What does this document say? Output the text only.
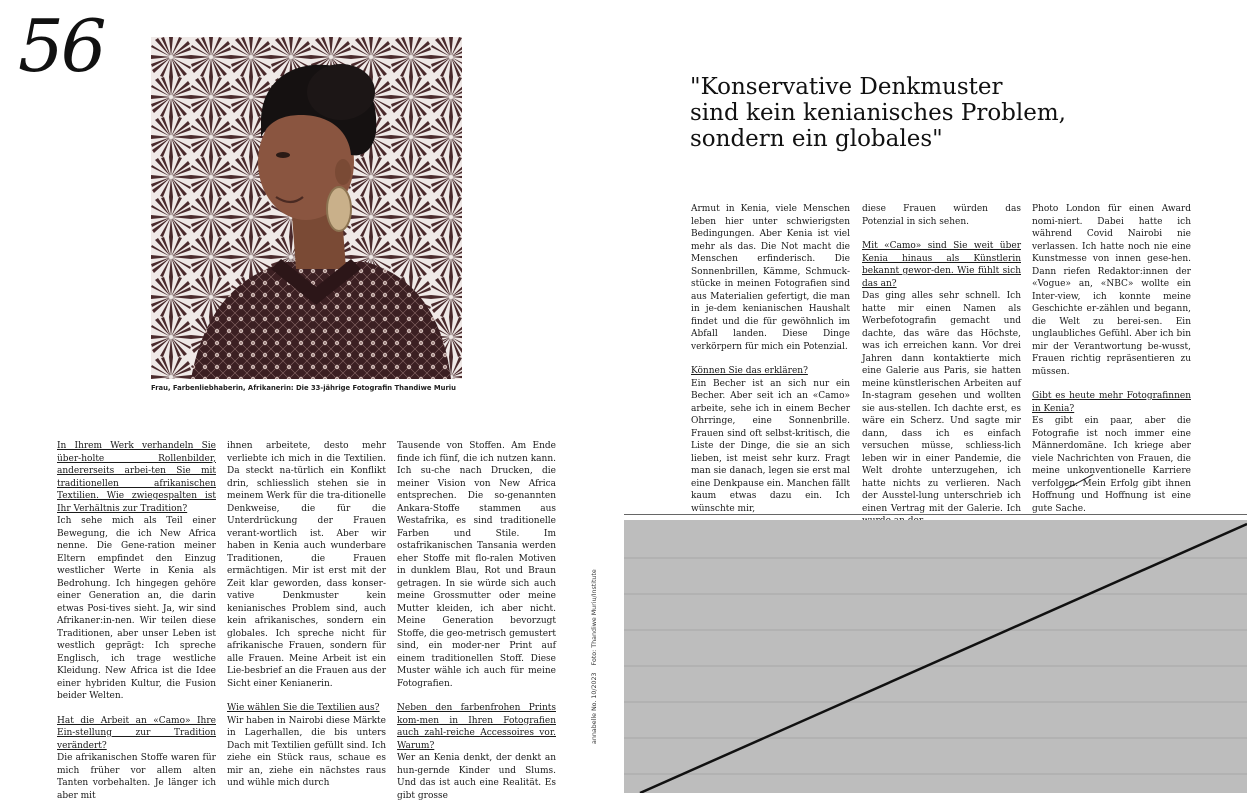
56
Frau, Farbenliebhaberin, Afrikanerin: Die 33-jährige Fotografin Thandiwe Muriu

In Ihrem Werk verhandeln Sie über-holte Rollenbilder, andererseits arbei-ten Sie mit traditionellen afrikanischen Textilien. Wie zwiegespalten ist Ihr Verhältnis zur Tradition?

Ich sehe mich als Teil einer Bewegung, die ich New Africa nenne. Die Gene-ration meiner Eltern empfindet den Einzug westlicher Werte in Kenia als Bedrohung. Ich hingegen gehöre einer Generation an, die darin etwas Posi-tives sieht. Ja, wir sind Afrikaner:in-nen. Wir teilen diese Traditionen, aber unser Leben ist westlich geprägt: Ich spreche Englisch, ich trage westliche Kleidung. New Africa ist die Idee einer hybriden Kultur, die Fusion beider Welten.

Hat die Arbeit an «Camo» Ihre Ein-stellung zur Tradition verändert?

Die afrikanischen Stoffe waren für mich früher vor allem alten Tanten vorbehalten. Je länger ich aber mit

ihnen arbeitete, desto mehr verliebte ich mich in die Textilien. Da steckt na-türlich ein Konflikt drin, schliesslich stehen sie in meinem Werk für die tra-ditionelle Denkweise, die für die Unterdrückung der Frauen verant-wortlich ist. Aber wir haben in Kenia auch wunderbare Traditionen, die Frauen ermächtigen. Mir ist erst mit der Zeit klar geworden, dass konser-vative Denkmuster kein kenianisches Problem sind, auch kein afrikanisches, sondern ein globales. Ich spreche nicht für afrikanische Frauen, sondern für alle Frauen. Meine Arbeit ist ein Lie-besbrief an die Frauen aus der Sicht einer Kenianerin.

Wie wählen Sie die Textilien aus?

Wir haben in Nairobi diese Märkte in Lagerhallen, die bis unters Dach mit Textilien gefüllt sind. Ich ziehe ein Stück raus, schaue es mir an, ziehe ein nächstes raus und wühle mich durch

Tausende von Stoffen. Am Ende finde ich fünf, die ich nutzen kann. Ich su-che nach Drucken, die meiner Vision von New Africa entsprechen. Die so-genannten Ankara-Stoffe stammen aus Westafrika, es sind traditionelle Farben und Stile. Im ostafrikanischen Tansania werden eher Stoffe mit flo-ralen Motiven in dunklem Blau, Rot und Braun getragen. In sie würde sich auch meine Grossmutter oder meine Mutter kleiden, ich aber nicht. Meine Generation bevorzugt Stoffe, die geo-metrisch gemustert sind, ein moder-ner Print auf einem traditionellen Stoff. Diese Muster wähle ich auch für meine Fotografien.

Neben den farbenfrohen Prints kom-men in Ihren Fotografien auch zahl-reiche Accessoires vor. Warum?

Wer an Kenia denkt, der denkt an hun-gernde Kinder und Slums. Und das ist auch eine Realität. Es gibt grosse

annabelle No. 10/2023Foto: Thandiwe Muriu/Institute
"Konservative Denkmuster
sind kein kenianisches Problem,
sondern ein globales"

Armut in Kenia, viele Menschen leben hier unter schwierigsten Bedingungen. Aber Kenia ist viel mehr als das. Die Not macht die Menschen erfinderisch. Die Sonnenbrillen, Kämme, Schmuck-stücke in meinen Fotografien sind aus Materialien gefertigt, die man in je-dem kenianischen Haushalt findet und die für gewöhnlich im Abfall landen. Diese Dinge verkörpern für mich ein Potenzial.

Können Sie das erklären?

Ein Becher ist an sich nur ein Becher. Aber seit ich an «Camo» arbeite, sehe ich in einem Becher Ohrringe, eine Sonnenbrille. Frauen sind oft selbst-kritisch, die Liste der Dinge, die sie an sich lieben, ist meist sehr kurz. Fragt man sie danach, legen sie erst mal eine Denkpause ein. Manchen fällt kaum etwas dazu ein. Ich wünschte mir,

diese Frauen würden das Potenzial in sich sehen.

Mit «Camo» sind Sie weit über Kenia hinaus als Künstlerin bekannt gewor-den. Wie fühlt sich das an?

Das ging alles sehr schnell. Ich hatte mir einen Namen als Werbefotografin gemacht und dachte, das wäre das Höchste, was ich erreichen kann. Vor drei Jahren dann kontaktierte mich eine Galerie aus Paris, sie hatten meine künstlerischen Arbeiten auf In-stagram gesehen und wollten sie aus-stellen. Ich dachte erst, es wäre ein Scherz. Und sagte mir dann, dass ich es einfach versuchen müsse, schliess-lich leben wir in einer Pandemie, die Welt drohte unterzugehen, ich hatte nichts zu verlieren. Nach der Ausstel-lung unterschrieb ich einen Vertrag mit der Galerie. Ich

Photo London für einen Award nomi-niert. Dabei hatte ich während Covid Nairobi nie verlassen. Ich hatte noch nie eine Kunstmesse von innen gese-hen. Dann riefen Redaktor:innen der «Vogue» an, «NBC» wollte ein Inter-view, ich konnte meine Geschichte er-zählen und begann, die Welt zu berei-sen. Ein unglaubliches Gefühl. Aber ich bin mir der Verantwortung be-wusst, Frauen richtig repräsentieren zu müssen.

Gibt es heute mehr Fotografinnen in Kenia?

Es gibt ein paar, aber die Fotografie ist noch immer eine Männerdomäne. Ich kriege aber viele Nachrichten von Frauen, die meine unkonventionelle Karriere verfolgen. Mein Erfolg gibt ihnen Hoffnung und Hoffnung ist eine gute Sache.
